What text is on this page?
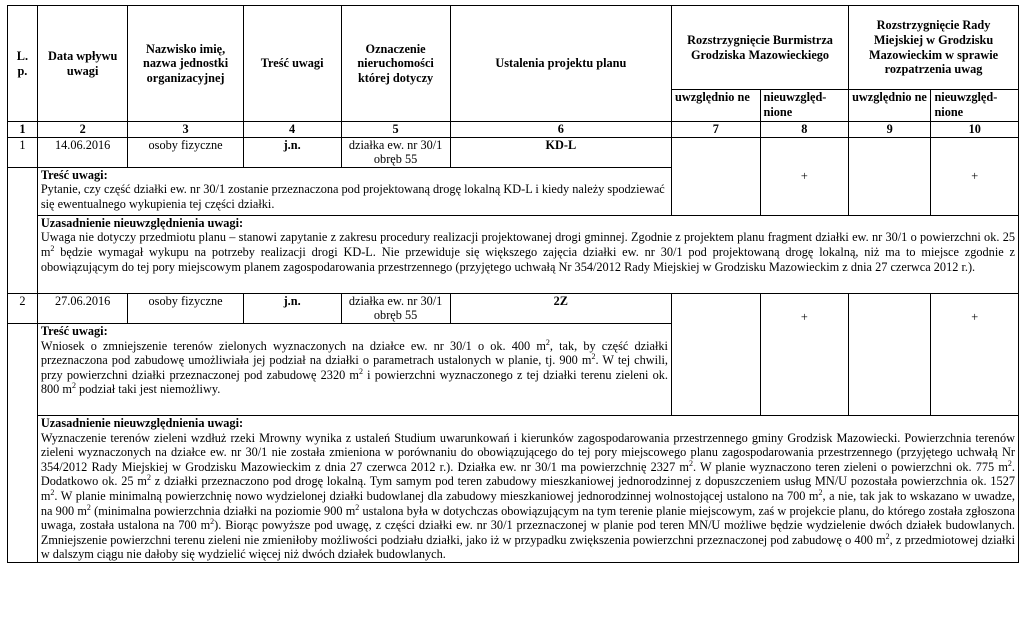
L. p.	Data wpływu uwagi	Nazwisko imię, nazwa jednostki organizacyjnej	Treść uwagi	Oznaczenie nieruchomości której dotyczy	Ustalenia projektu planu	Rozstrzygnięcie Burmistrza Grodziska Mazowieckiego		Rozstrzygnięcie Rady Miejskiej w Grodzisku Mazowieckim w sprawie rozpatrzenia uwag	
						uwzględnio ne	nieuwzględ- nione	uwzględnio ne	nieuwzględ- nione
1	2	3	4	5	6	7	8	9	10
1	14.06.2016	osoby fizyczne	j.n.	działka ew. nr 30/1 obręb 55	KD-L		+		+

	Treść uwagi:
Pytanie, czy część działki ew. nr 30/1 zostanie przeznaczona pod projektowaną drogę lokalną KD-L i kiedy należy spodziewać się ewentualnego wykupienia tej części działki.								

	Uzasadnienie nieuwzględnienia uwagi:
Uwaga nie dotyczy przedmiotu planu – stanowi zapytanie z zakresu procedury realizacji projektowanej drogi gminnej. Zgodnie z projektem planu fragment działki ew. nr 30/1 o powierzchni ok. 25 $m^2$ będzie wymagał wykupu na potrzeby realizacji drogi KD-L. Nie przewiduje się większego zajęcia działki ew. nr 30/1 pod projektowaną drogę lokalną, niż ma to miejsce zgodnie z obowiązującym do tej pory miejscowym planem zagospodarowania przestrzennego (przyjętego uchwałą Nr 354/2012 Rady Miejskiej w Grodzisku Mazowieckim z dnia 27 czerwca 2012 r.).								

2	27.06.2016	osoby fizyczne	j.n.	działka ew. nr 30/1 obręb 55	2Z		+		+

	Treść uwagi:
Wniosek o zmniejszenie terenów zielonych wyznaczonych na działce ew. nr 30/1 o ok. 400 $m^2$, tak, by część działki przeznaczona pod zabudowę umożliwiała jej podział na działki o parametrach ustalonych w planie, tj. 900 $m^2$. W tej chwili, przy powierzchni działki przeznaczonej pod zabudowę 2320 $m^2$ i powierzchni wyznaczonego z tej działki terenu zieleni ok. 800 $m^2$ podział taki jest niemożliwy.								

	Uzasadnienie nieuwzględnienia uwagi:
Wyznaczenie terenów zieleni wzdłuż rzeki Mrowny wynika z ustaleń Studium uwarunkowań i kierunków zagospodarowania przestrzennego gminy Grodzisk Mazowiecki. Powierzchnia terenów zieleni wyznaczonych na działce ew. nr 30/1 nie została zmieniona w porównaniu do obowiązującego do tej pory miejscowego planu zagospodarowania przestrzennego (przyjętego uchwałą Nr 354/2012 Rady Miejskiej w Grodzisku Mazowieckim z dnia 27 czerwca 2012 r.). Działka ew. nr 30/1 ma powierzchnię 2327 $m^2$. W planie wyznaczono teren zieleni o powierzchni ok. 775 $m^2$. Dodatkowo ok. 25 $m^2$ z działki przeznaczono pod drogę lokalną. Tym samym pod teren zabudowy mieszkaniowej jednorodzinnej z dopuszczeniem usług MN/U pozostała powierzchnia ok. 1527 $m^2$. W planie minimalną powierzchnię nowo wydzielonej działki budowlanej dla zabudowy mieszkaniowej jednorodzinnej wolnostojącej ustalono na 700 $m^2$, a nie, tak jak to wskazano w uwadze, na 900 $m^2$ (minimalna powierzchnia działki na poziomie 900 $m^2$ ustalona była w dotychczas obowiązującym na tym terenie planie miejscowym, zaś w projekcie planu, do którego została zgłoszona uwaga, została ustalona na 700 $m^2$). Biorąc powyższe pod uwagę, z części działki ew. nr 30/1 przeznaczonej w planie pod teren MN/U możliwe będzie wydzielenie dwóch działek budowlanych. Zmniejszenie powierzchni terenu zieleni nie zmieniłoby możliwości podziału działki, jako iż w przypadku zwiększenia powierzchni przeznaczonej pod zabudowę o 400 $m^2$, z przedmiotowej działki w dalszym ciągu nie dałoby się wydzielić więcej niż dwóch działek budowlanych.								
